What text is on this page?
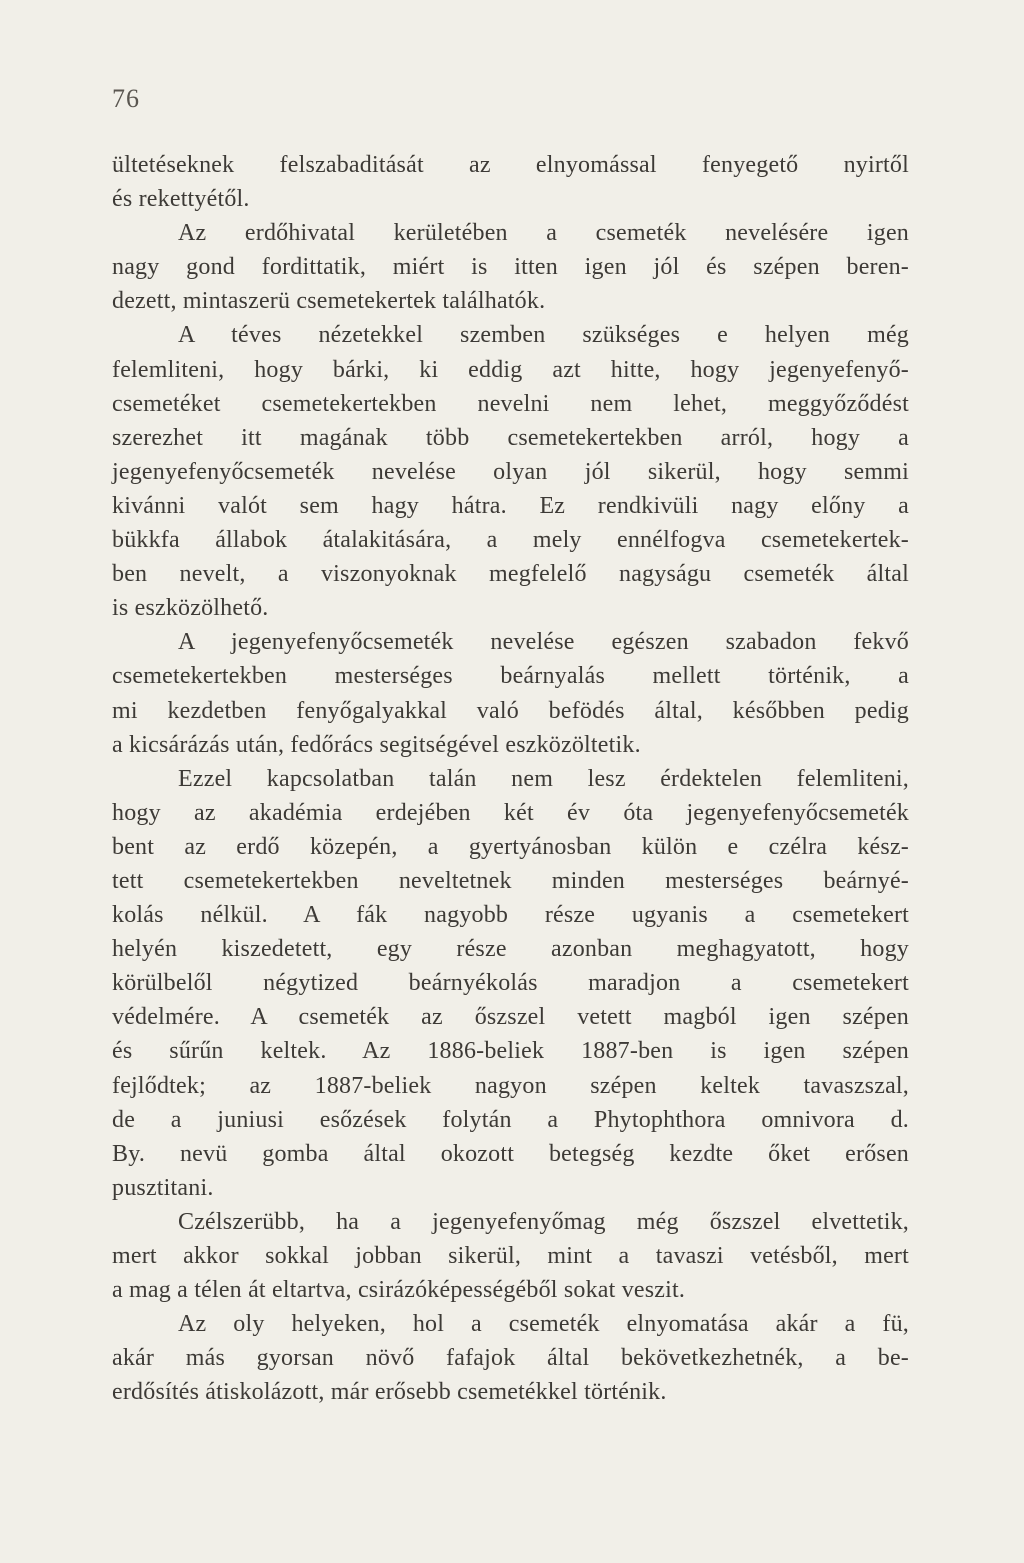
76
ültetéseknek felszabaditását az elnyomással fenyegető nyirtől
és rekettyétől.
Az erdőhivatal kerületében a csemeték nevelésére igen
nagy gond fordittatik, miért is itten igen jól és szépen beren-
dezett, mintaszerü csemetekertek találhatók.
A téves nézetekkel szemben szükséges e helyen még
felemliteni, hogy bárki, ki eddig azt hitte, hogy jegenyefenyő-
csemetéket csemetekertekben nevelni nem lehet, meggyőződést
szerezhet itt magának több csemetekertekben arról, hogy a
jegenyefenyőcsemeték nevelése olyan jól sikerül, hogy semmi
kivánni valót sem hagy hátra. Ez rendkivüli nagy előny a
bükkfa állabok átalakitására, a mely ennélfogva csemetekertek-
ben nevelt, a viszonyoknak megfelelő nagyságu csemeték által
is eszközölhető.
A jegenyefenyőcsemeték nevelése egészen szabadon fekvő
csemetekertekben mesterséges beárnyalás mellett történik, a
mi kezdetben fenyőgalyakkal való befödés által, későbben pedig
a kicsárázás után, fedőrács segitségével eszközöltetik.
Ezzel kapcsolatban talán nem lesz érdektelen felemliteni,
hogy az akadémia erdejében két év óta jegenyefenyőcsemeték
bent az erdő közepén, a gyertyánosban külön e czélra kész-
tett csemetekertekben neveltetnek minden mesterséges beárnyé-
kolás nélkül. A fák nagyobb része ugyanis a csemetekert
helyén kiszedetett, egy része azonban meghagyatott, hogy
körülbelől négytized beárnyékolás maradjon a csemetekert
védelmére. A csemeték az őszszel vetett magból igen szépen
és sűrűn keltek. Az 1886-beliek 1887-ben is igen szépen
fejlődtek; az 1887-beliek nagyon szépen keltek tavaszszal,
de a juniusi esőzések folytán a Phytophthora omnivora d.
By. nevü gomba által okozott betegség kezdte őket erősen
pusztitani.
Czélszerübb, ha a jegenyefenyőmag még őszszel elvettetik,
mert akkor sokkal jobban sikerül, mint a tavaszi vetésből, mert
a mag a télen át eltartva, csirázóképességéből sokat veszit.
Az oly helyeken, hol a csemeték elnyomatása akár a fü,
akár más gyorsan növő fafajok által bekövetkezhetnék, a be-
erdősítés átiskolázott, már erősebb csemetékkel történik.
